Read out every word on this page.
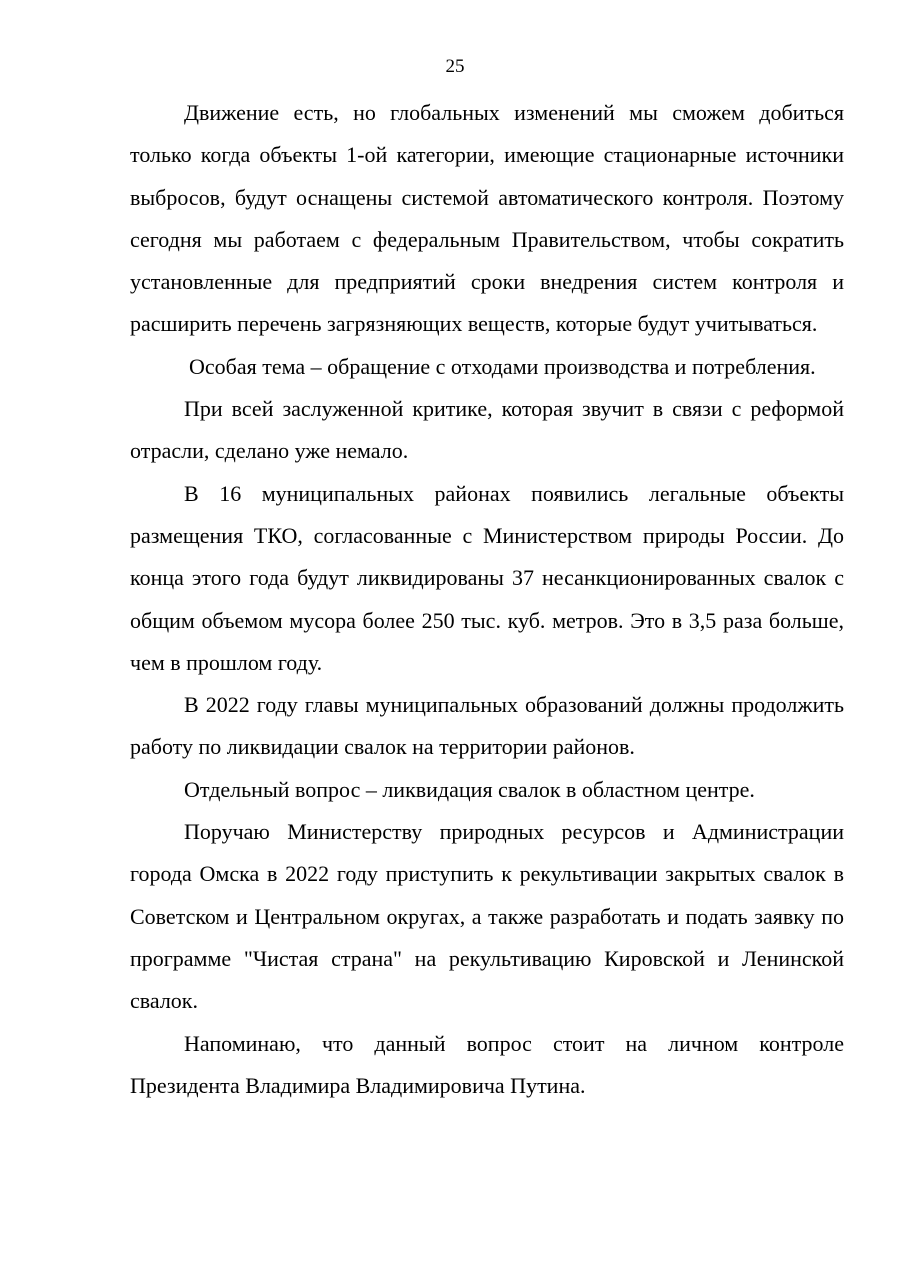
25

Движение есть, но глобальных изменений мы сможем добиться только когда объекты 1-ой категории, имеющие стационарные источники выбросов, будут оснащены системой автоматического контроля. Поэтому сегодня мы работаем с федеральным Правительством, чтобы сократить установленные для предприятий сроки внедрения систем контроля и расширить перечень загрязняющих веществ, которые будут учитываться.

Особая тема – обращение с отходами производства и потребления.

При всей заслуженной критике, которая звучит в связи с реформой отрасли, сделано уже немало.

В 16 муниципальных районах появились легальные объекты размещения ТКО, согласованные с Министерством природы России. До конца этого года будут ликвидированы 37 несанкционированных свалок с общим объемом мусора более 250 тыс. куб. метров. Это в 3,5 раза больше, чем в прошлом году.

В 2022 году главы муниципальных образований должны продолжить работу по ликвидации свалок на территории районов.

Отдельный вопрос – ликвидация свалок в областном центре.

Поручаю Министерству природных ресурсов и Администрации города Омска в 2022 году приступить к рекультивации закрытых свалок в Советском и Центральном округах, а также разработать и подать заявку по программе "Чистая страна" на рекультивацию Кировской и Ленинской свалок.

Напоминаю, что данный вопрос стоит на личном контроле Президента Владимира Владимировича Путина.
